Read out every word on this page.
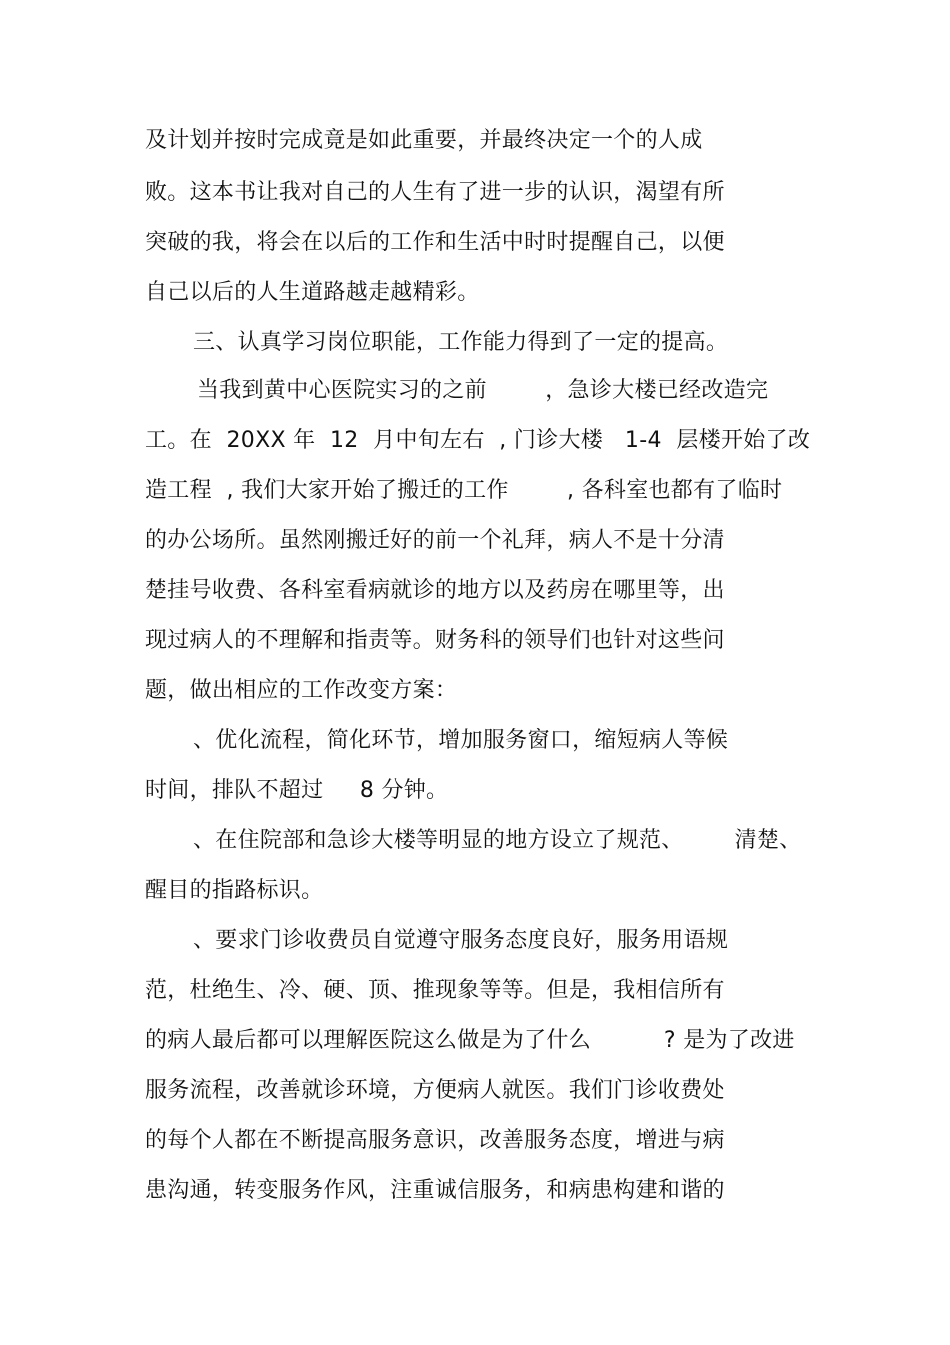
及计划并按时完成竟是如此重要，并最终决定一个的人成
败。这本书让我对自己的人生有了进一步的认识，渴望有所
突破的我，将会在以后的工作和生活中时时提醒自己，以便
自己以后的人生道路越走越精彩。
三、认真学习岗位职能，工作能力得到了一定的提高。
当我到黄中心医院实习的之前        ，急诊大楼已经改造完
工。在  20XX 年  12  月中旬左右  , 门诊大楼   1-4  层楼开始了改
造工程  , 我们大家开始了搬迁的工作        , 各科室也都有了临时
的办公场所。虽然刚搬迁好的前一个礼拜，病人不是十分清
楚挂号收费、各科室看病就诊的地方以及药房在哪里等，出
现过病人的不理解和指责等。财务科的领导们也针对这些问
题，做出相应的工作改变方案：
、优化流程，简化环节，增加服务窗口，缩短病人等候
时间，排队不超过     8 分钟。
、在住院部和急诊大楼等明显的地方设立了规范、       清楚、
醒目的指路标识。
、要求门诊收费员自觉遵守服务态度良好，服务用语规
范，杜绝生、冷、硬、顶、推现象等等。但是，我相信所有
的病人最后都可以理解医院这么做是为了什么          ? 是为了改进
服务流程，改善就诊环境，方便病人就医。我们门诊收费处
的每个人都在不断提高服务意识，改善服务态度，增进与病
患沟通，转变服务作风，注重诚信服务，和病患构建和谐的
